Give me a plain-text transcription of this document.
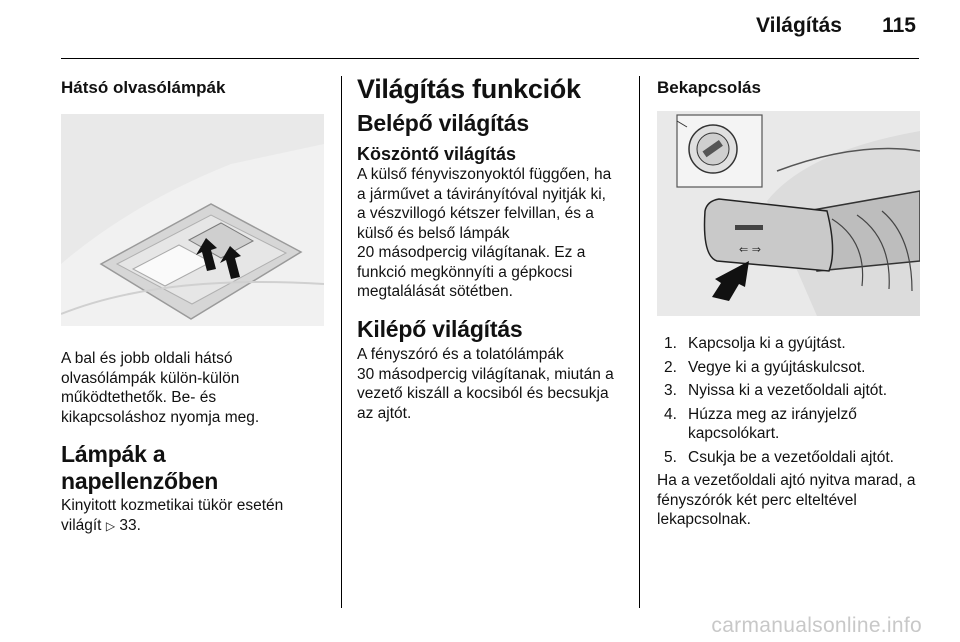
Világítás 115
Hátsó olvasólámpák

A bal és jobb oldali hátsó
olvasólámpák külön-külön
működtethetők. Be- és
kikapcsoláshoz nyomja meg.

Lámpák a napellenzőben

Kinyitott kozmetikai tükör esetén
világít ▷ 33.

Világítás funkciók
Belépő világítás
Köszöntő világítás

A külső fényviszonyoktól függően, ha
a járművet a távirányítóval nyitják ki,
a vészvillogó kétszer felvillan, és a
külső és belső lámpák
20 másodpercig világítanak. Ez a
funkció megkönnyíti a gépkocsi
megtalálását sötétben.

Kilépő világítás

A fényszóró és a tolatólámpák
30 másodpercig világítanak, miután a
vezető kiszáll a kocsiból és becsukja
az ajtót.

Bekapcsolás
⇐ ⇒
1. Kapcsolja ki a gyújtást.
2. Vegye ki a gyújtáskulcsot.
3. Nyissa ki a vezetőoldali ajtót.
4. Húzza meg az irányjelző
kapcsolókart.
5. Csukja be a vezetőoldali ajtót.

Ha a vezetőoldali ajtó nyitva marad, a
fényszórók két perc elteltével
lekapcsolnak.

carmanualsonline.info
